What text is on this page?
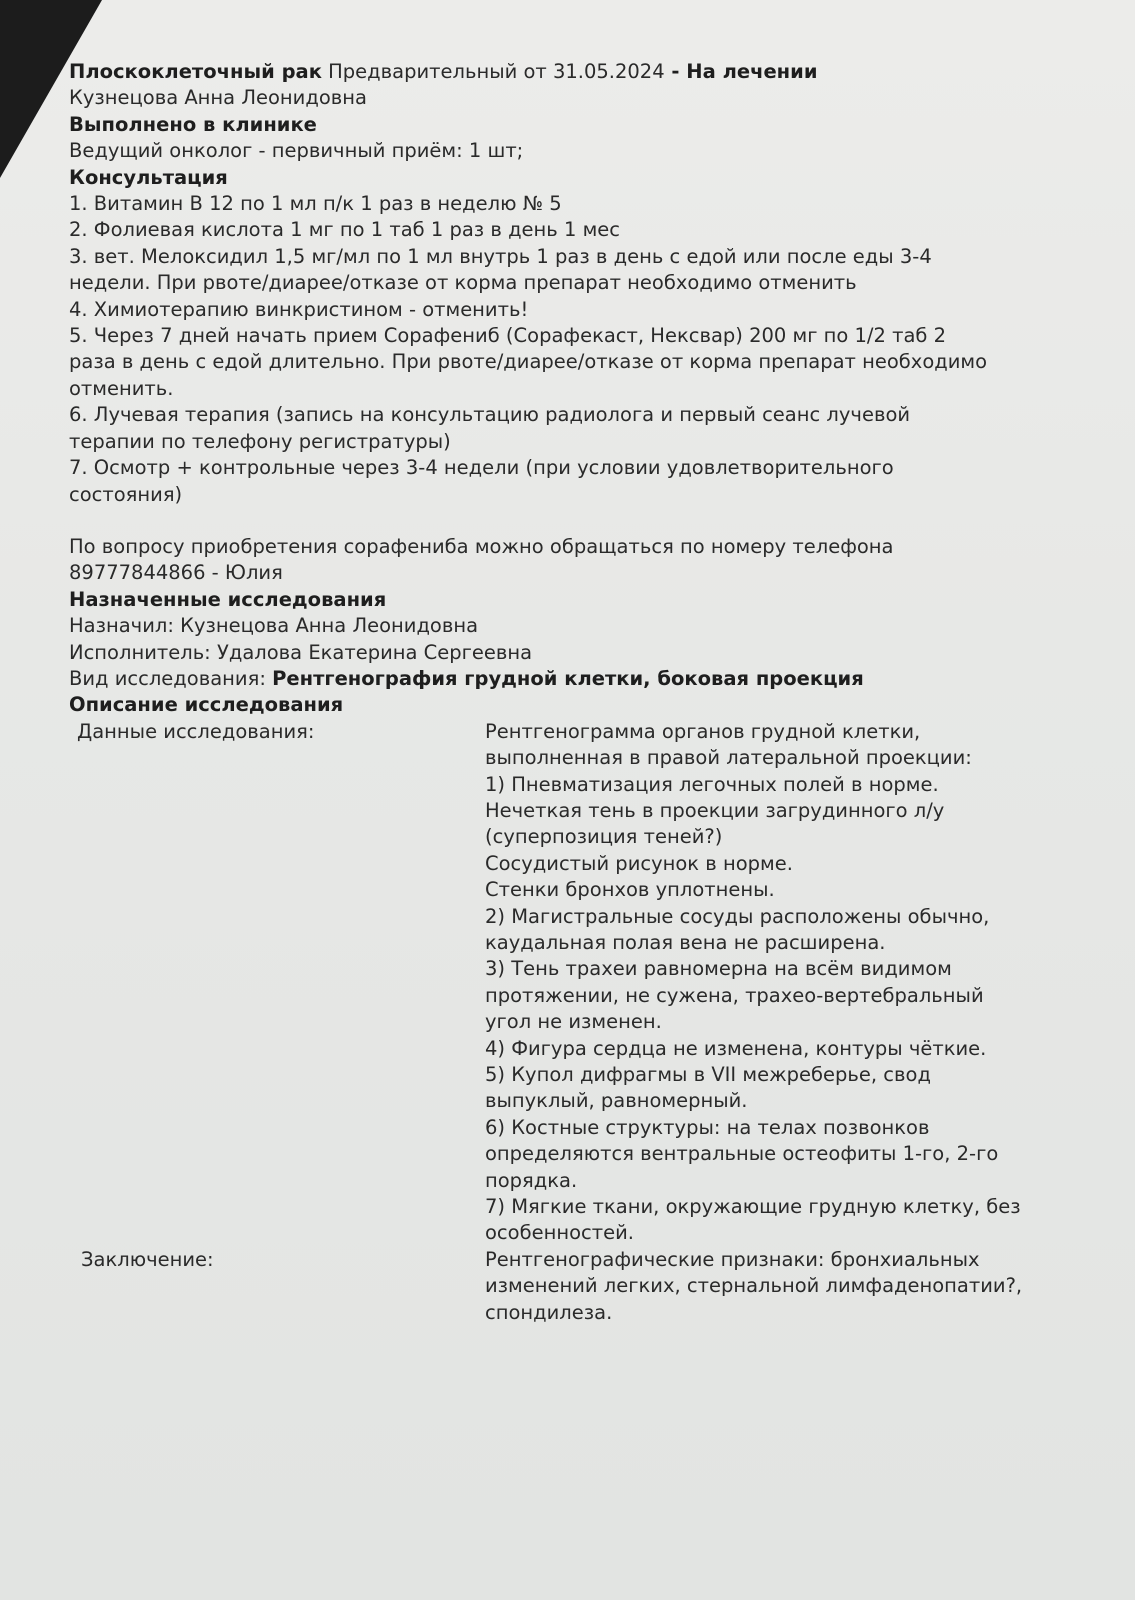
Плоскоклеточный рак Предварительный от 31.05.2024 - На лечении
Кузнецова Анна Леонидовна
Выполнено в клинике
Ведущий онколог - первичный приём: 1 шт;
Консультация
1. Витамин В 12 по 1 мл п/к 1 раз в неделю № 5
2. Фолиевая кислота 1 мг по 1 таб 1 раз в день 1 мес
3. вет. Мелоксидил 1,5 мг/мл по 1 мл внутрь 1 раз в день с едой или после еды 3-4
недели. При рвоте/диарее/отказе от корма препарат необходимо отменить
4. Химиотерапию винкристином - отменить!
5. Через 7 дней начать прием Сорафениб (Сорафекаст, Нексвар) 200 мг по 1/2 таб 2
раза в день с едой длительно. При рвоте/диарее/отказе от корма препарат необходимо
отменить.
6. Лучевая терапия (запись на консультацию радиолога и первый сеанс лучевой
терапии по телефону регистратуры)
7. Осмотр + контрольные через 3-4 недели (при условии удовлетворительного
состояния)
По вопросу приобретения сорафениба можно обращаться по номеру телефона
89777844866 - Юлия
Назначенные исследования
Назначил: Кузнецова Анна Леонидовна
Исполнитель: Удалова Екатерина Сергеевна
Вид исследования: Рентгенография грудной клетки, боковая проекция
Описание исследования
Данные исследования:	Рентгенограмма органов грудной клетки,
выполненная в правой латеральной проекции:
1) Пневматизация легочных полей в норме.
Нечеткая тень в проекции загрудинного л/у
(суперпозиция теней?)
Сосудистый рисунок в норме.
Стенки бронхов уплотнены.
2) Магистральные сосуды расположены обычно,
каудальная полая вена не расширена.
3) Тень трахеи равномерна на всём видимом
протяжении, не сужена, трахео-вертебральный
угол не изменен.
4) Фигура сердца не изменена, контуры чёткие.
5) Купол дифрагмы в VII межреберье, свод
выпуклый, равномерный.
6) Костные структуры: на телах позвонков
определяются вентральные остеофиты 1-го, 2-го
порядка.
7) Мягкие ткани, окружающие грудную клетку, без
особенностей.
Заключение:	Рентгенографические признаки: бронхиальных
изменений легких, стернальной лимфаденопатии?,
спондилеза.
